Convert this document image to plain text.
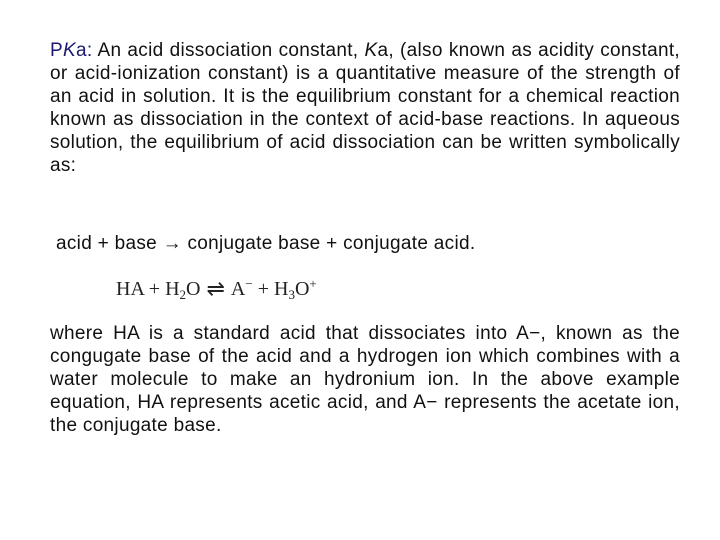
PKa: An acid dissociation constant, Ka, (also known as acidity constant, or acid-ionization constant) is a quantitative measure of the strength of an acid in solution. It is the equilibrium constant for a chemical reaction known as dissociation in the context of acid-base reactions. In aqueous solution, the equilibrium of acid dissociation can be written symbolically as:

acid + base → conjugate base + conjugate acid.

HA + $H_2O$ ⇌ $A^- + H_3O^+$

where HA is a standard acid that dissociates into A−, known as the congugate base of the acid and a hydrogen ion which combines with a water molecule to make an hydronium ion. In the above example equation, HA represents acetic acid, and A− represents the acetate ion, the conjugate base.
